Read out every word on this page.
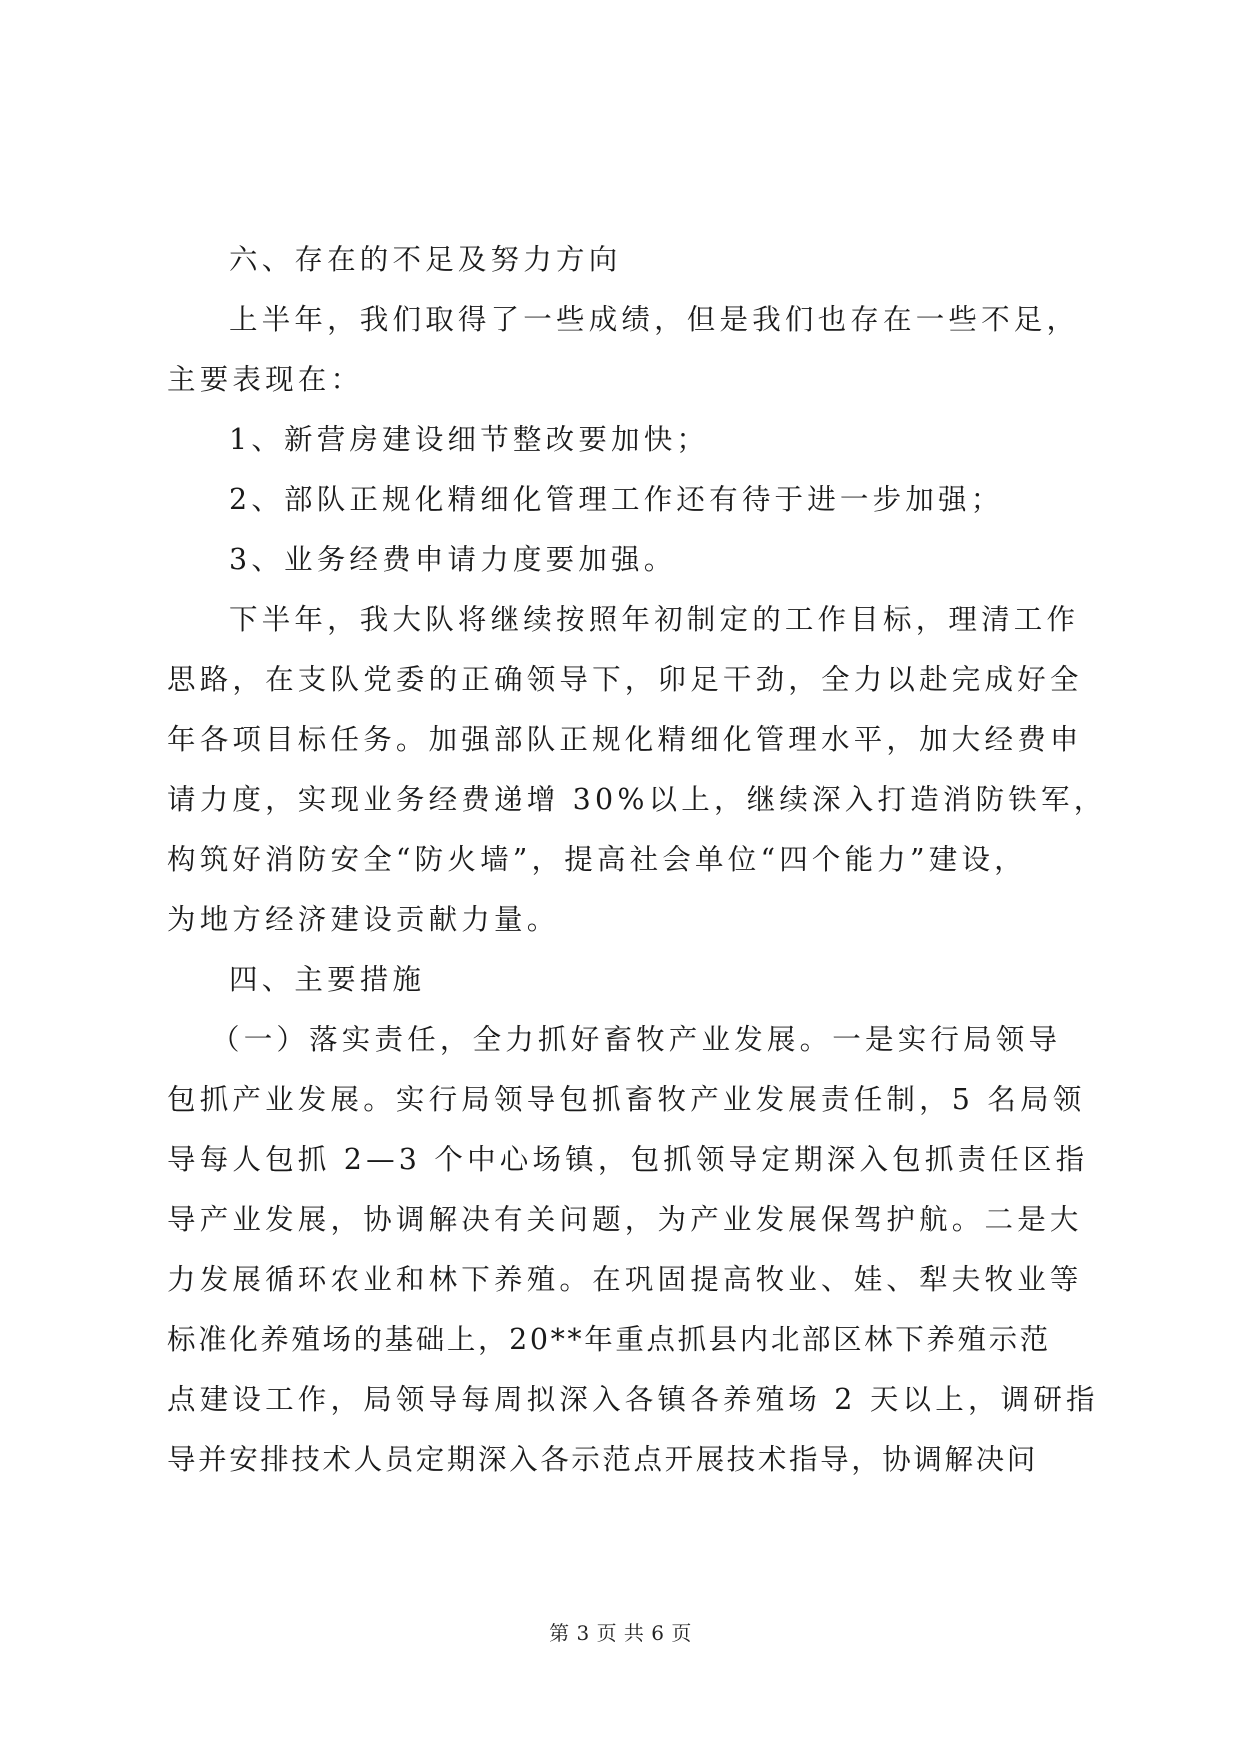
六、存在的不足及努力方向
上半年，我们取得了一些成绩，但是我们也存在一些不足，
主要表现在：
1、新营房建设细节整改要加快；
2、部队正规化精细化管理工作还有待于进一步加强；
3、业务经费申请力度要加强。
下半年，我大队将继续按照年初制定的工作目标，理清工作
思路，在支队党委的正确领导下，卯足干劲，全力以赴完成好全
年各项目标任务。加强部队正规化精细化管理水平，加大经费申
请力度，实现业务经费递增 30%以上，继续深入打造消防铁军，
构筑好消防安全“防火墙”，提高社会单位“四个能力”建设，
为地方经济建设贡献力量。
四、主要措施
（一）落实责任，全力抓好畜牧产业发展。一是实行局领导
包抓产业发展。实行局领导包抓畜牧产业发展责任制，5 名局领
导每人包抓 2—3 个中心场镇，包抓领导定期深入包抓责任区指
导产业发展，协调解决有关问题，为产业发展保驾护航。二是大
力发展循环农业和林下养殖。在巩固提高牧业、娃、犁夫牧业等
标准化养殖场的基础上，20**年重点抓县内北部区林下养殖示范
点建设工作，局领导每周拟深入各镇各养殖场 2 天以上，调研指
导并安排技术人员定期深入各示范点开展技术指导，协调解决问
第 3 页 共 6 页
